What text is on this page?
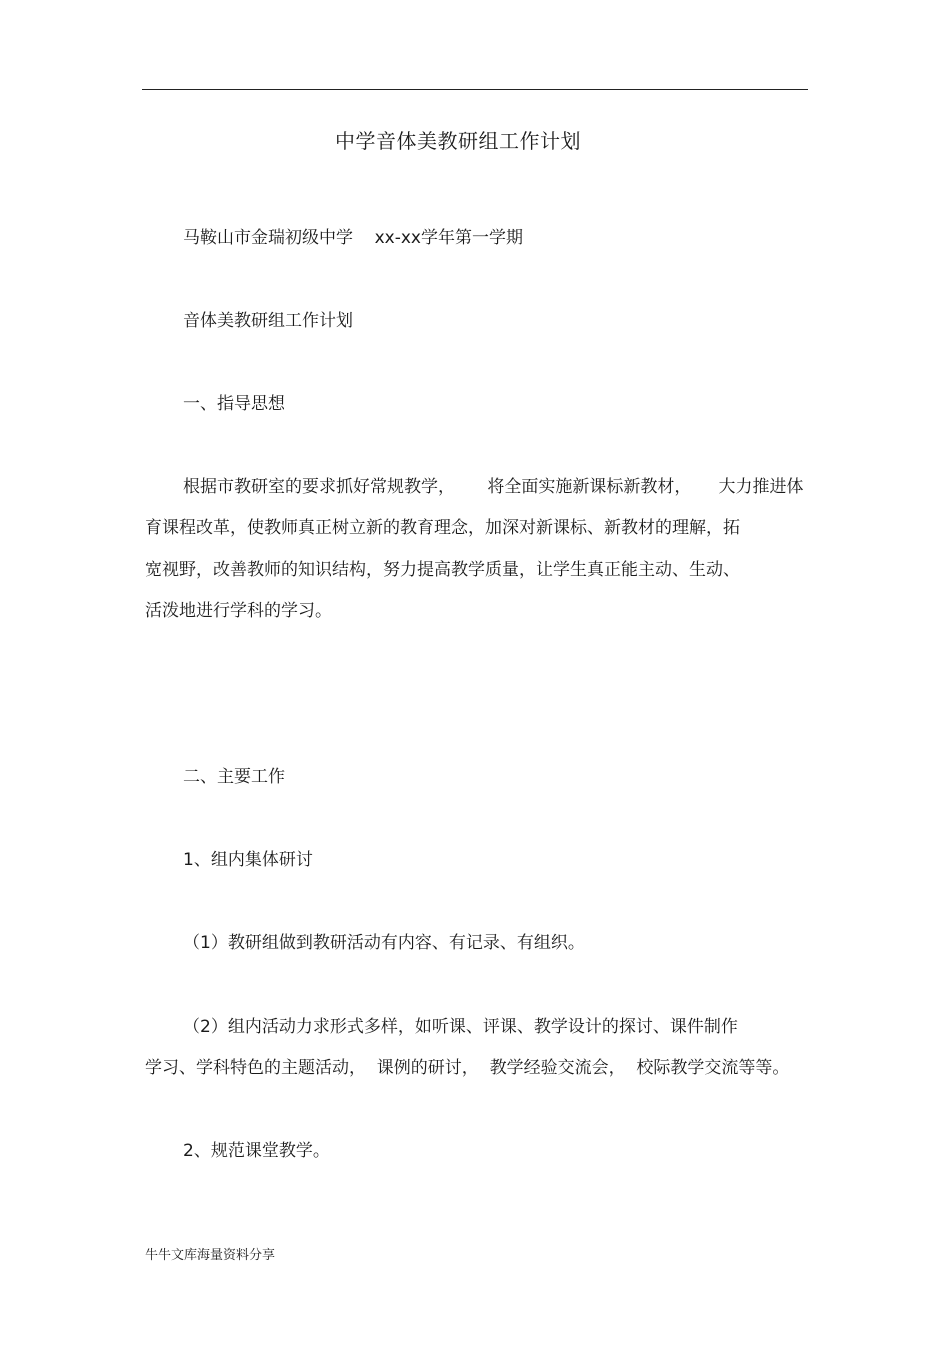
中学音体美教研组工作计划
马鞍山市金瑞初级中学    xx-xx学年第一学期
音体美教研组工作计划
一、指导思想
根据市教研室的要求抓好常规教学，      将全面实施新课标新教材，     大力推进体
育课程改革，使教师真正树立新的教育理念，加深对新课标、新教材的理解，拓
宽视野，改善教师的知识结构，努力提高教学质量，让学生真正能主动、生动、
活泼地进行学科的学习。
二、主要工作
1、组内集体研讨
（1）教研组做到教研活动有内容、有记录、有组织。
（2）组内活动力求形式多样，如听课、评课、教学设计的探讨、课件制作
学习、学科特色的主题活动，  课例的研讨，  教学经验交流会，  校际教学交流等等。
2、规范课堂教学。
牛牛文库海量资料分享
